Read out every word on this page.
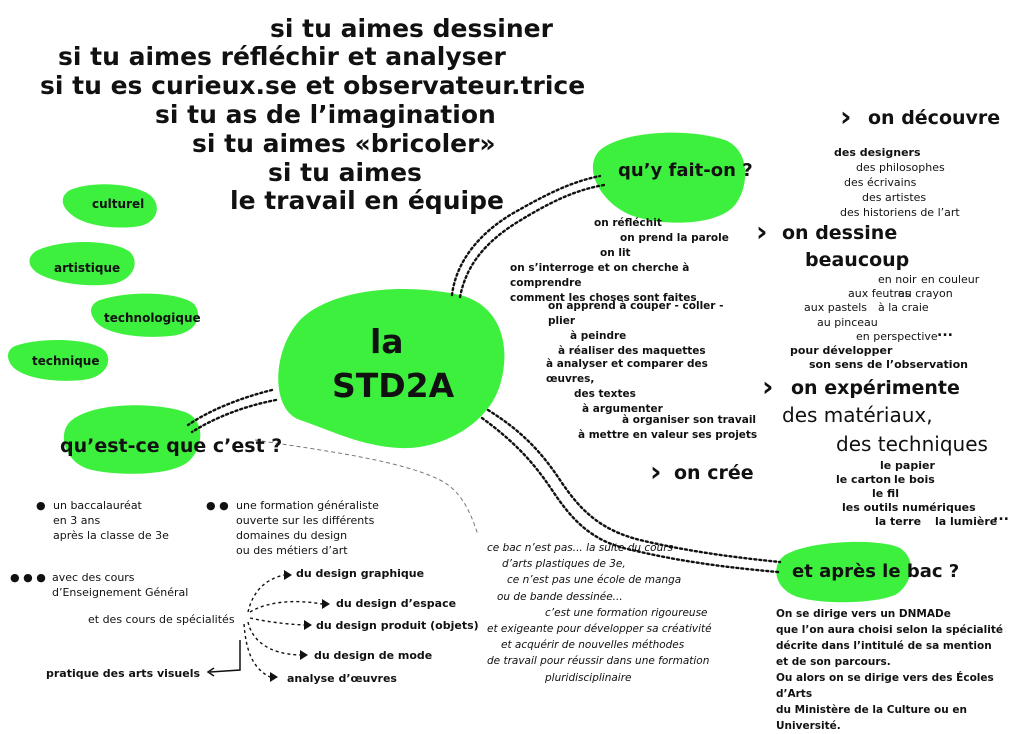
si tu aimes dessiner
si tu aimes réfléchir et analyser
si tu es curieux.se et observateur.trice
si tu as de l’imagination
si tu aimes «bricoler»
si tu aimes
le travail en équipe
culturel
artistique
technologique
technique	la
STD2A
qu’est-ce que c’est ?
● un baccalauréat
en 3 ans
après la classe de 3e
● ● une formation généraliste
ouverte sur les différents
domaines du design
ou des métiers d’art
● ● ● avec des cours
d’Enseignement Général
et des cours de spécialités
du design graphique
du design d’espace
du design produit (objets)
du design de mode
analyse d’œuvres
pratique des arts visuels
ce bac n’est pas... la suite du cours
d’arts plastiques de 3e,
ce n’est pas une école de manga
ou de bande dessinée...
c’est une formation rigoureuse
et exigeante pour développer sa créativité
et acquérir de nouvelles méthodes
de travail pour réussir dans une formation
pluridisciplinaire
qu’y fait-on ?
on réfléchit
on prend la parole
on lit
on s’interroge et on cherche à comprendre
comment les choses sont faites
on apprend à couper - coller - plier
à peindre
à réaliser des maquettes
à analyser et comparer des œuvres,
des textes
à argumenter
à organiser son travail
à mettre en valeur ses projets
› on découvre
des designers
des philosophes
des écrivains
des artistes
des historiens de l’art
› on dessine
beaucoup
en noir en couleur
aux feutres
au crayon
aux pastels à la craie
au pinceau
en perspective ...
pour développer
son sens de l’observation
› on expérimente
des matériaux,
des techniques
le papier
le carton le bois
le fil
les outils numériques
la terre la lumière
...
› on crée
et après le bac ?
On se dirige vers un DNMADe
que l’on aura choisi selon la spécialité
décrite dans l’intitulé de sa mention
et de son parcours.
Ou alors on se dirige vers des Écoles d’Arts
du Ministère de la Culture ou en Université.
